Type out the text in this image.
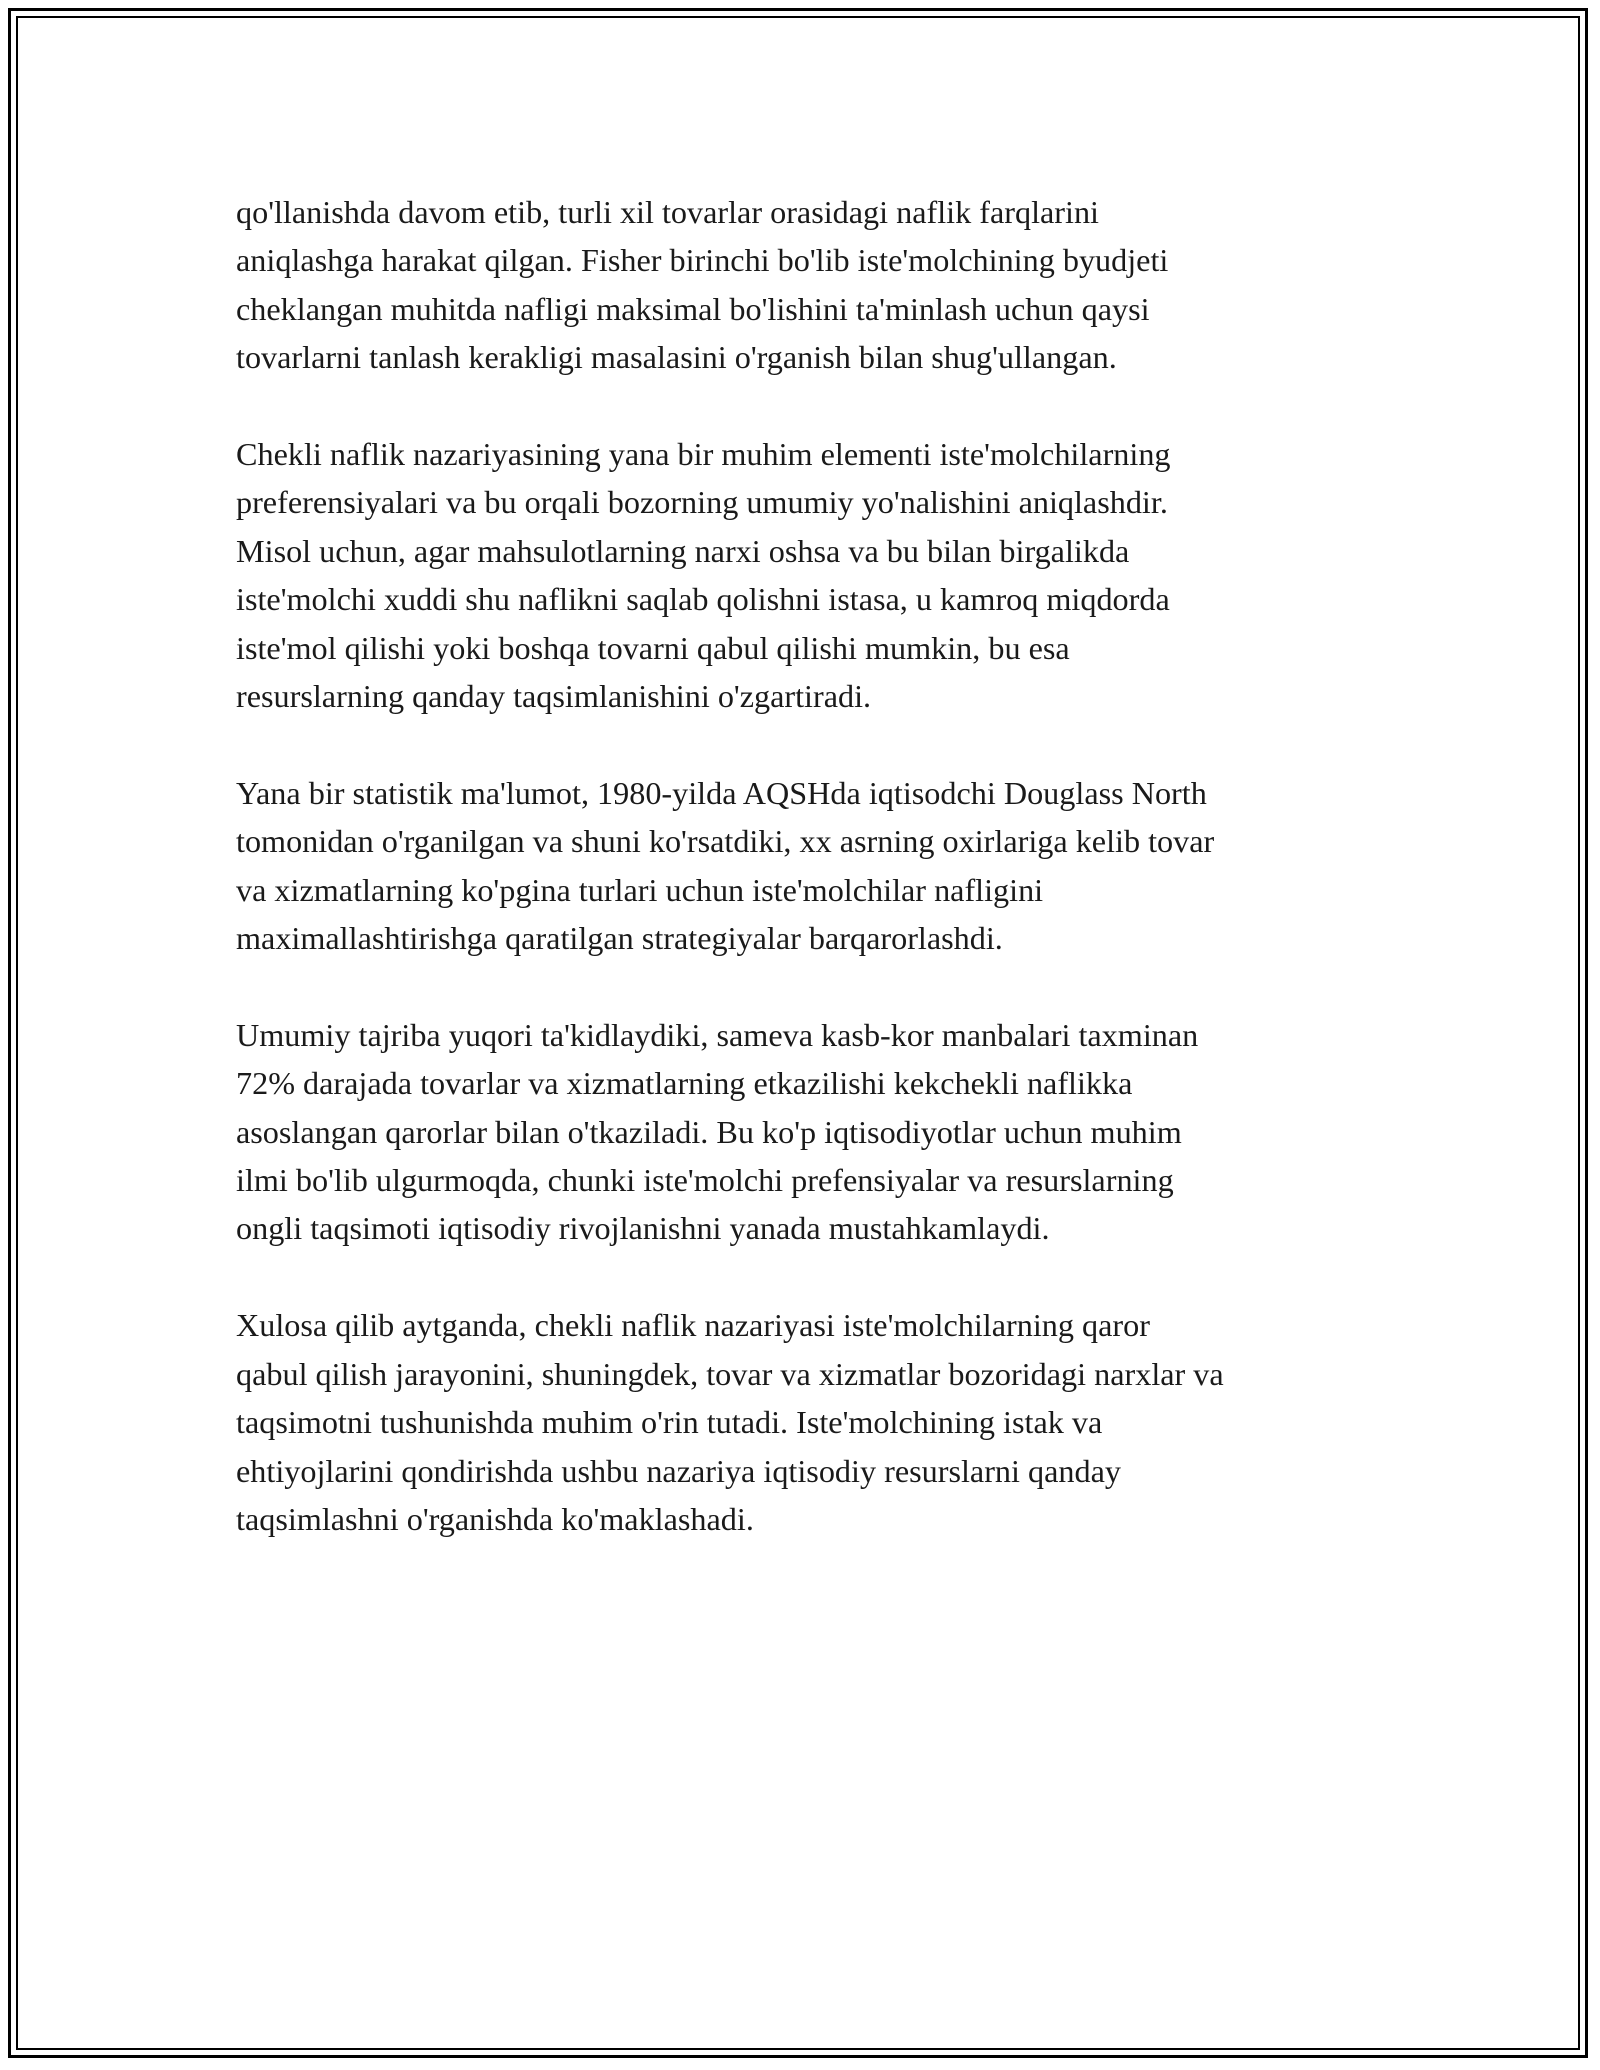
qo'llanishda davom etib, turli xil tovarlar orasidagi naflik farqlarini
aniqlashga harakat qilgan. Fisher birinchi bo'lib iste'molchining byudjeti
cheklangan muhitda nafligi maksimal bo'lishini ta'minlash uchun qaysi
tovarlarni tanlash kerakligi masalasini o'rganish bilan shug'ullangan.

Chekli naflik nazariyasining yana bir muhim elementi iste'molchilarning
preferensiyalari va bu orqali bozorning umumiy yo'nalishini aniqlashdir.
Misol uchun, agar mahsulotlarning narxi oshsa va bu bilan birgalikda
iste'molchi xuddi shu naflikni saqlab qolishni istasa, u kamroq miqdorda
iste'mol qilishi yoki boshqa tovarni qabul qilishi mumkin, bu esa
resurslarning qanday taqsimlanishini o'zgartiradi.

Yana bir statistik ma'lumot, 1980-yilda AQSHda iqtisodchi Douglass North
tomonidan o'rganilgan va shuni ko'rsatdiki, xx asrning oxirlariga kelib tovar
va xizmatlarning ko'pgina turlari uchun iste'molchilar nafligini
maximallashtirishga qaratilgan strategiyalar barqarorlashdi.

Umumiy tajriba yuqori ta'kidlaydiki, sameva kasb-kor manbalari taxminan
72% darajada tovarlar va xizmatlarning etkazilishi kekchekli naflikka
asoslangan qarorlar bilan o'tkaziladi. Bu ko'p iqtisodiyotlar uchun muhim
ilmi bo'lib ulgurmoqda, chunki iste'molchi prefensiyalar va resurslarning
ongli taqsimoti iqtisodiy rivojlanishni yanada mustahkamlaydi.

Xulosa qilib aytganda, chekli naflik nazariyasi iste'molchilarning qaror
qabul qilish jarayonini, shuningdek, tovar va xizmatlar bozoridagi narxlar va
taqsimotni tushunishda muhim o'rin tutadi. Iste'molchining istak va
ehtiyojlarini qondirishda ushbu nazariya iqtisodiy resurslarni qanday
taqsimlashni o'rganishda ko'maklashadi.
